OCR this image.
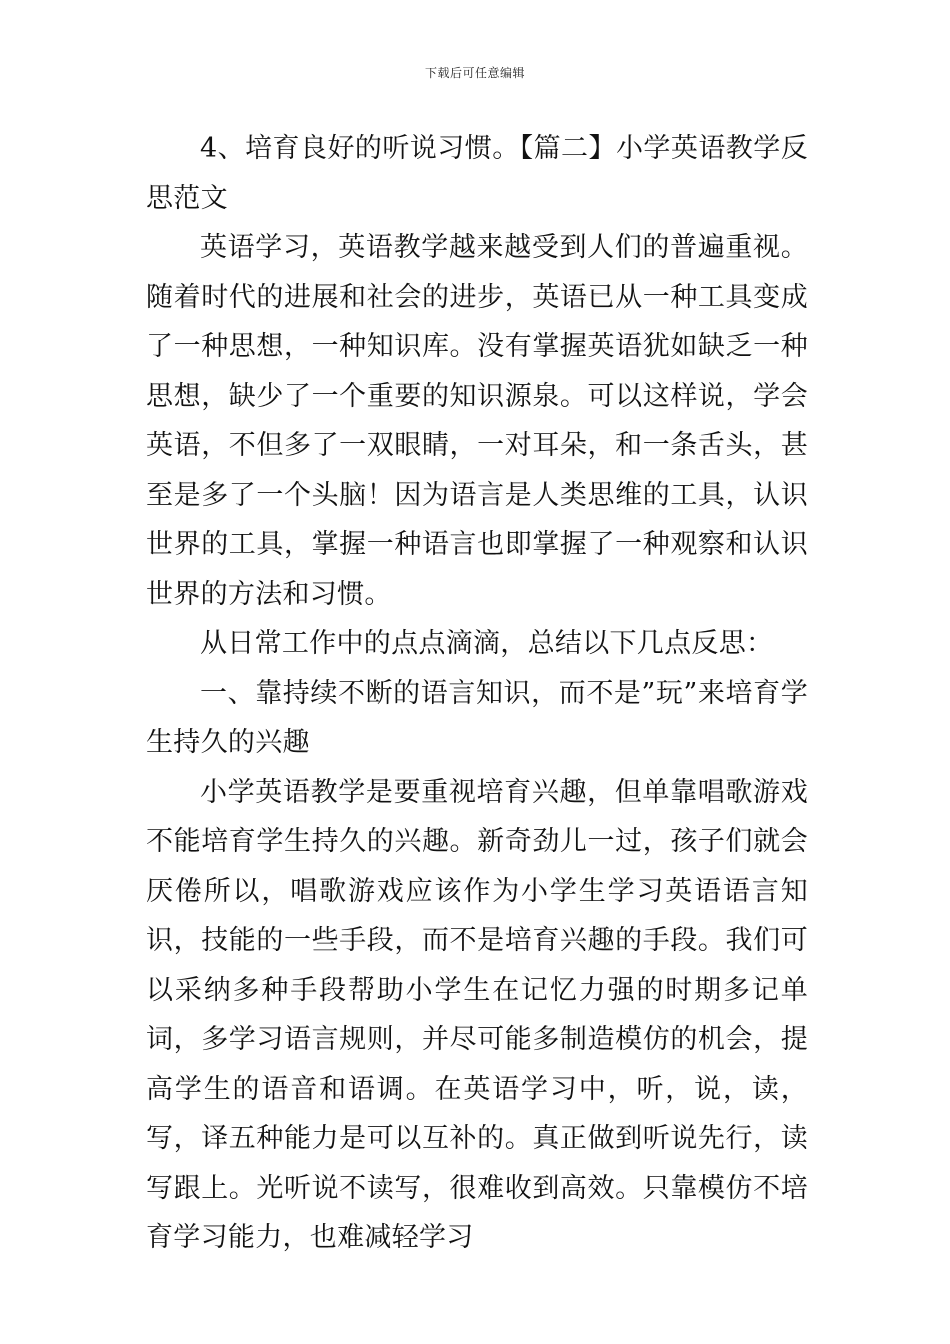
下载后可任意编辑

4、培育良好的听说习惯。【篇二】小学英语教学反思范文

英语学习，英语教学越来越受到人们的普遍重视。随着时代的进展和社会的进步，英语已从一种工具变成了一种思想，一种知识库。没有掌握英语犹如缺乏一种思想，缺少了一个重要的知识源泉。可以这样说，学会英语，不但多了一双眼睛，一对耳朵，和一条舌头，甚至是多了一个头脑！因为语言是人类思维的工具，认识世界的工具，掌握一种语言也即掌握了一种观察和认识世界的方法和习惯。

从日常工作中的点点滴滴，总结以下几点反思：

一、靠持续不断的语言知识，而不是”玩”来培育学生持久的兴趣

小学英语教学是要重视培育兴趣，但单靠唱歌游戏不能培育学生持久的兴趣。新奇劲儿一过，孩子们就会厌倦所以，唱歌游戏应该作为小学生学习英语语言知识，技能的一些手段，而不是培育兴趣的手段。我们可以采纳多种手段帮助小学生在记忆力强的时期多记单词，多学习语言规则，并尽可能多制造模仿的机会，提高学生的语音和语调。在英语学习中，听，说，读，写，译五种能力是可以互补的。真正做到听说先行，读写跟上。光听说不读写，很难收到高效。只靠模仿不培育学习能力，也难减轻学习
